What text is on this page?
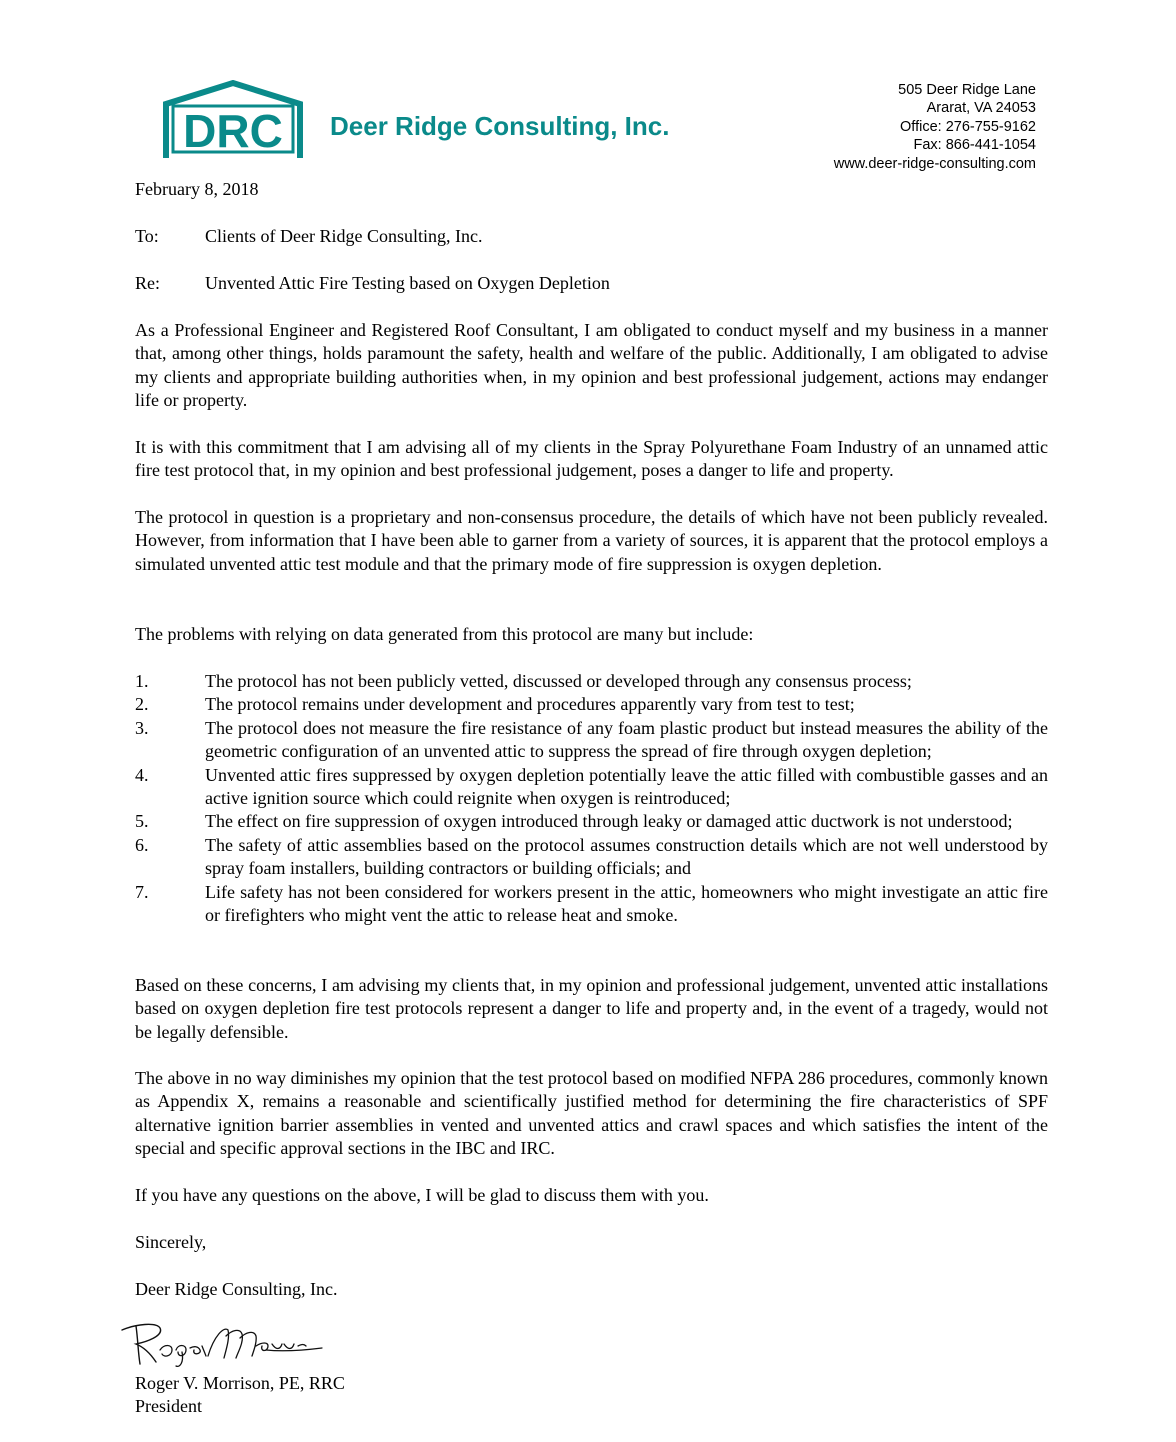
DRC Deer Ridge Consulting, Inc.
505 Deer Ridge Lane
Ararat, VA 24053
Office: 276-755-9162
Fax: 866-441-1054
www.deer-ridge-consulting.com
February 8, 2018
To:	Clients of Deer Ridge Consulting, Inc.
Re:	Unvented Attic Fire Testing based on Oxygen Depletion
As a Professional Engineer and Registered Roof Consultant, I am obligated to conduct myself and my business in a manner that, among other things, holds paramount the safety, health and welfare of the public. Additionally, I am obligated to advise my clients and appropriate building authorities when, in my opinion and best professional judgement, actions may endanger life or property.
It is with this commitment that I am advising all of my clients in the Spray Polyurethane Foam Industry of an unnamed attic fire test protocol that, in my opinion and best professional judgement, poses a danger to life and property.
The protocol in question is a proprietary and non-consensus procedure, the details of which have not been publicly revealed. However, from information that I have been able to garner from a variety of sources, it is apparent that the protocol employs a simulated unvented attic test module and that the primary mode of fire suppression is oxygen depletion.
The problems with relying on data generated from this protocol are many but include:
1.	The protocol has not been publicly vetted, discussed or developed through any consensus process;
2.	The protocol remains under development and procedures apparently vary from test to test;
3.	The protocol does not measure the fire resistance of any foam plastic product but instead measures the ability of the geometric configuration of an unvented attic to suppress the spread of fire through oxygen depletion;
4.	Unvented attic fires suppressed by oxygen depletion potentially leave the attic filled with combustible gasses and an active ignition source which could reignite when oxygen is reintroduced;
5.	The effect on fire suppression of oxygen introduced through leaky or damaged attic ductwork is not understood;
6.	The safety of attic assemblies based on the protocol assumes construction details which are not well understood by spray foam installers, building contractors or building officials; and
7.	Life safety has not been considered for workers present in the attic, homeowners who might investigate an attic fire or firefighters who might vent the attic to release heat and smoke.
Based on these concerns, I am advising my clients that, in my opinion and professional judgement, unvented attic installations based on oxygen depletion fire test protocols represent a danger to life and property and, in the event of a tragedy, would not be legally defensible.
The above in no way diminishes my opinion that the test protocol based on modified NFPA 286 procedures, commonly known as Appendix X, remains a reasonable and scientifically justified method for determining the fire characteristics of SPF alternative ignition barrier assemblies in vented and unvented attics and crawl spaces and which satisfies the intent of the special and specific approval sections in the IBC and IRC.
If you have any questions on the above, I will be glad to discuss them with you.
Sincerely,
Deer Ridge Consulting, Inc.
Roger V. Morrison, PE, RRC
President
